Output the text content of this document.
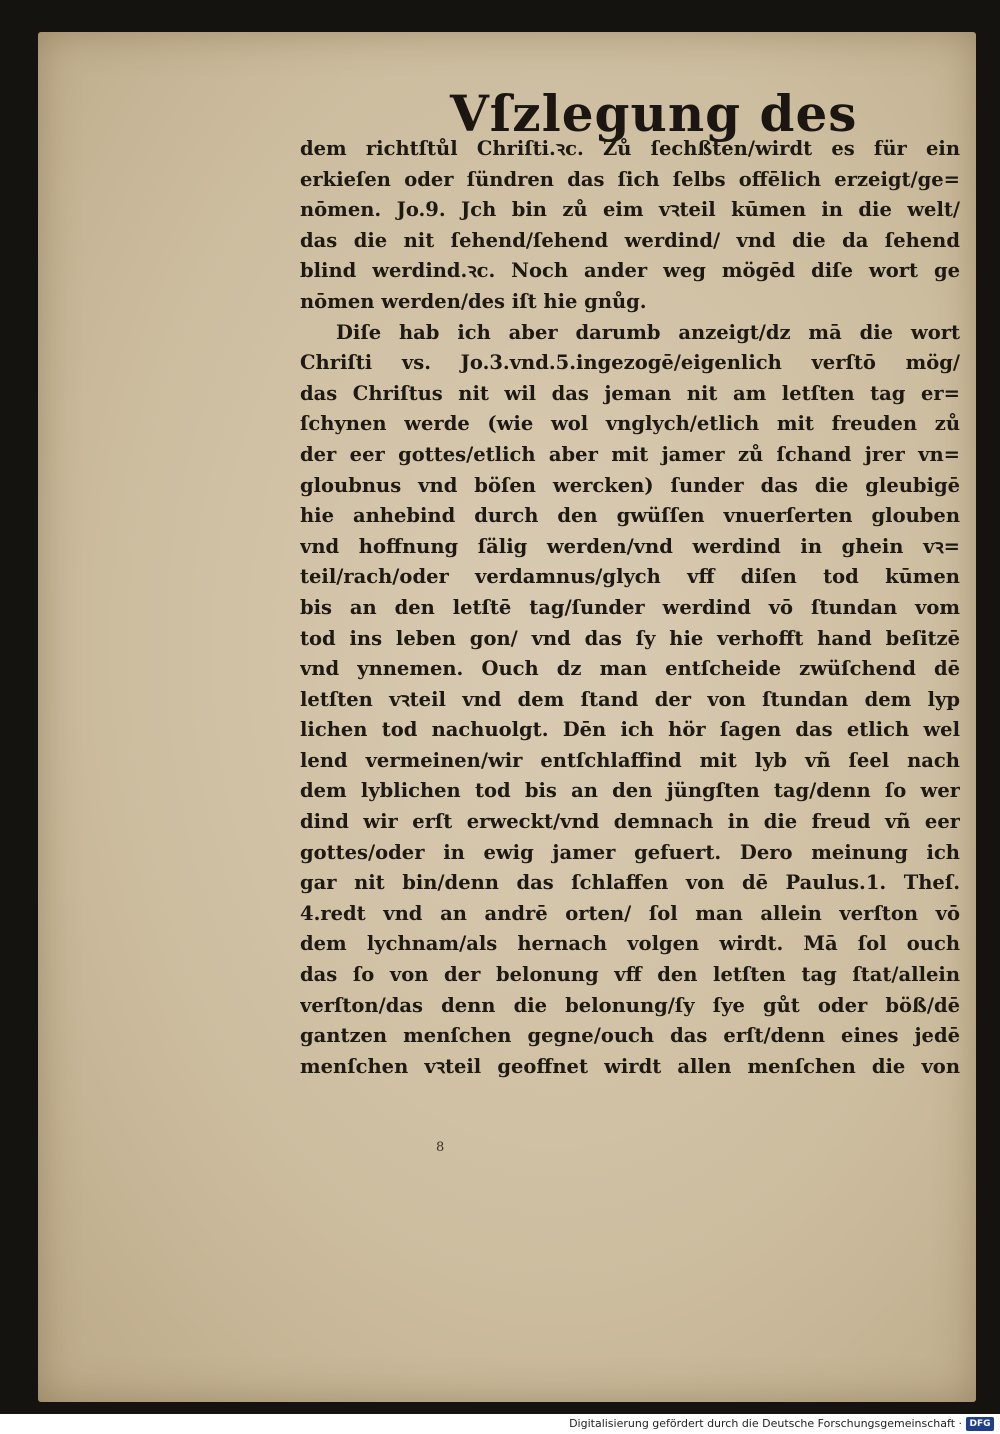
Vſzlegung des
dem richtſtůl Chriſti.ꝛc. Zů ſechßten/wirdt es für ein
erkieſen oder ſündren das ſich ſelbs offēlich erzeigt/ge=
nōmen. Jo.9. Jch bin zů eim vꝛteil kūmen in die welt/
das die nit ſehend/ſehend werdind/ vnd die da ſehend
blind werdind.ꝛc. Noch ander weg mögēd diſe wort ge
nōmen werden/des iſt hie gnůg.
Diſe hab ich aber darumb anzeigt/dz mā die wort
Chriſti vs. Jo.3.vnd.5.ingezogē/eigenlich verſtō mög/
das Chriſtus nit wil das jeman nit am letſten tag er=
ſchynen werde (wie wol vnglych/etlich mit freuden zů
der eer gottes/etlich aber mit jamer zů ſchand jrer vn=
gloubnus vnd böſen wercken) ſunder das die gleubigē
hie anhebind durch den gwüſſen vnuerſerten glouben
vnd hoffnung ſälig werden/vnd werdind in ghein vꝛ=
teil/rach/oder verdamnus/glych vff diſen tod kūmen
bis an den letſtē tag/ſunder werdind vō ſtundan vom
tod ins leben gon/ vnd das ſy hie verhofft hand beſitzē
vnd ynnemen. Ouch dz man entſcheide zwüſchend dē
letſten vꝛteil vnd dem ſtand der von ſtundan dem lyp
lichen tod nachuolgt. Dēn ich hör ſagen das etlich wel
lend vermeinen/wir entſchlaffind mit lyb vñ ſeel nach
dem lyblichen tod bis an den jüngſten tag/denn ſo wer
dind wir erſt erweckt/vnd demnach in die freud vñ eer
gottes/oder in ewig jamer gefuert. Dero meinung ich
gar nit bin/denn das ſchlaffen von dē Paulus.1. Theſ.
4.redt vnd an andrē orten/ ſol man allein verſton vō
dem lychnam/als hernach volgen wirdt. Mā ſol ouch
das ſo von der belonung vff den letſten tag ſtat/allein
verſton/das denn die belonung/ſy ſye gůt oder böß/dē
gantzen menſchen gegne/ouch das erſt/denn eines jedē
menſchen vꝛteil geoffnet wirdt allen menſchen die von
8
Digitalisierung gefördert durch die Deutsche Forschungsgemeinschaft · DFG
